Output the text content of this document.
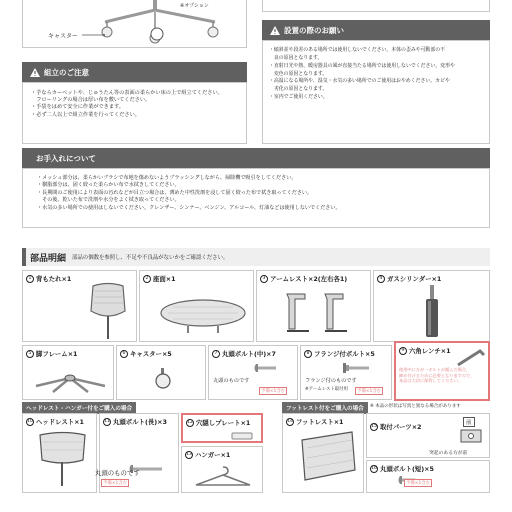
キャスター
※オプション
組立のご注意
・芋ならカーペットや、じゅうたん等の表面の柔らかい床の上で組立てください。
　フローリングの場合は厚い布を敷いてください。
・手袋をはめて安全に作業ができます。
・必ず二人以上で組立作業を行ってください。
設置の際のお願い
・傾斜並や段差のある場所では使用しないでください。本体の歪みや可動部の不
　良の原因となります。
・直射日光や熱、暖房器具の風が直接当たる場所では使用しないでください。変形や
　変色の原因となります。
・高温になる場所や、湿気・水気の多い場所でのご使用はおやめください。カビや
　劣化の原因となります。
・室内でご使用ください。
お手入れについて
・メッシュ部分は、柔らかいブラシで布地を傷めないようブラッシングしながら、掃除機で吸引をしてください。
・樹脂部分は、固く絞った柔らかい布で水拭きしてください。
・長期間のご使用により表面の汚れなどが目立つ場合は、薄めた中性洗剤を浸して固く絞った布で拭き取ってください。
　その後、乾いた布で洗剤や水分をよく拭き取ってください。
・水気の多い場所での使用はしないでください。クレンザー、シンナー、ベンジン、アルコール、灯油などは使用しないでください。
部品明細 部品の個数を参照し、不足や不良品がないかをご確認ください。
1 背もたれ×1	2 座面×1	3 アームレスト×2(左右各1)	4 ガスシリンダー×1
5 脚フレーム×1	6 キャスター×5	7 丸頭ボルト(中)×7
丸頭のものです
予備×1含む
8 フランジ付ボルト×5
フランジ付のものです
※アームレスト取付用	予備×1含む
9 六角レンチ×1
使用中に万が一ボルトが緩んだ場合、
締め付けるために必要となりますので、
本品は大切に保管してください。
※ 本品の形状は写真と異なる場合があります
ヘッドレスト・ハンガー付をご購入の場合	フットレスト付をご購入の場合
10 ヘッドレスト×1	11 丸頭ボルト(長)×3
丸頭のものです
予備×1含む
12 穴隠しプレート×1
13 ハンガー×1
14 フットレスト×1
15 取付パーツ×2	前
突起のある方が前
16 丸頭ボルト(短)×5
予備×1含む
